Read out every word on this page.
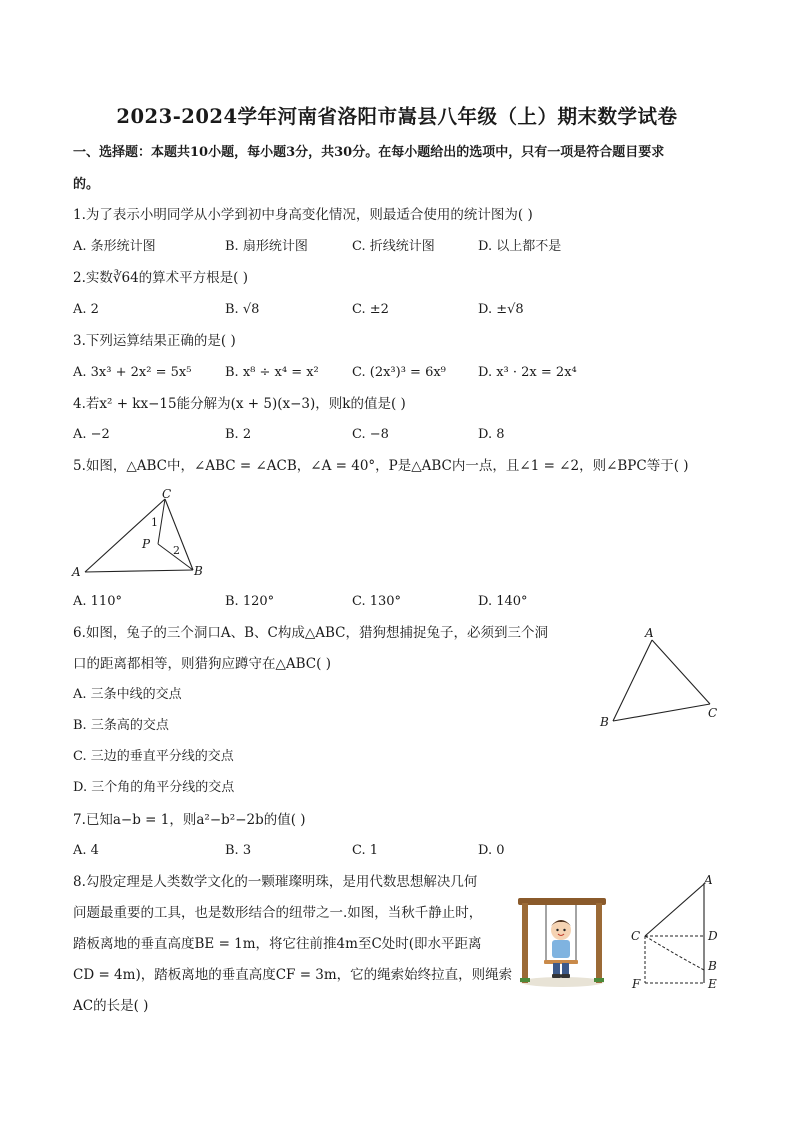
2023-2024学年河南省洛阳市嵩县八年级（上）期末数学试卷
一、选择题：本题共10小题，每小题3分，共30分。在每小题给出的选项中，只有一项是符合题目要求
的。
1.为了表示小明同学从小学到初中身高变化情况，则最适合使用的统计图为( )
A. 条形统计图	B. 扇形统计图	C. 折线统计图	D. 以上都不是
2.实数∛64的算术平方根是( )
A. 2	B. √8	C. ±2	D. ±√8
3.下列运算结果正确的是( )
A. 3x³ + 2x² = 5x⁵	B. x⁸ ÷ x⁴ = x²	C. (2x³)³ = 6x⁹ D. x³ · 2x = 2x⁴
4.若x² + kx−15能分解为(x + 5)(x−3)，则k的值是( )
A. −2	B. 2	C. −8	D. 8
5.如图，△ABC中，∠ABC = ∠ACB，∠A = 40°，P是△ABC内一点，且∠1 = ∠2，则∠BPC等于( )
C
1
P 2
A	B
A. 110°	B. 120°	C. 130°	D. 140°
6.如图，兔子的三个洞口A、B、C构成△ABC，猎狗想捕捉兔子，必须到三个洞
口的距离都相等，则猎狗应蹲守在△ABC( )
A. 三条中线的交点
B. 三条高的交点
C. 三边的垂直平分线的交点
D. 三个角的角平分线的交点
A
B
C
7.已知a−b = 1，则a²−b²−2b的值( )
A. 4	B. 3	C. 1	D. 0
8.勾股定理是人类数学文化的一颗璀璨明珠，是用代数思想解决几何
问题最重要的工具，也是数形结合的纽带之一.如图，当秋千静止时，
踏板离地的垂直高度BE = 1m，将它往前推4m至C处时(即水平距离
CD = 4m)，踏板离地的垂直高度CF = 3m，它的绳索始终拉直，则绳索
AC的长是( )
A
C	D
B
F	E
